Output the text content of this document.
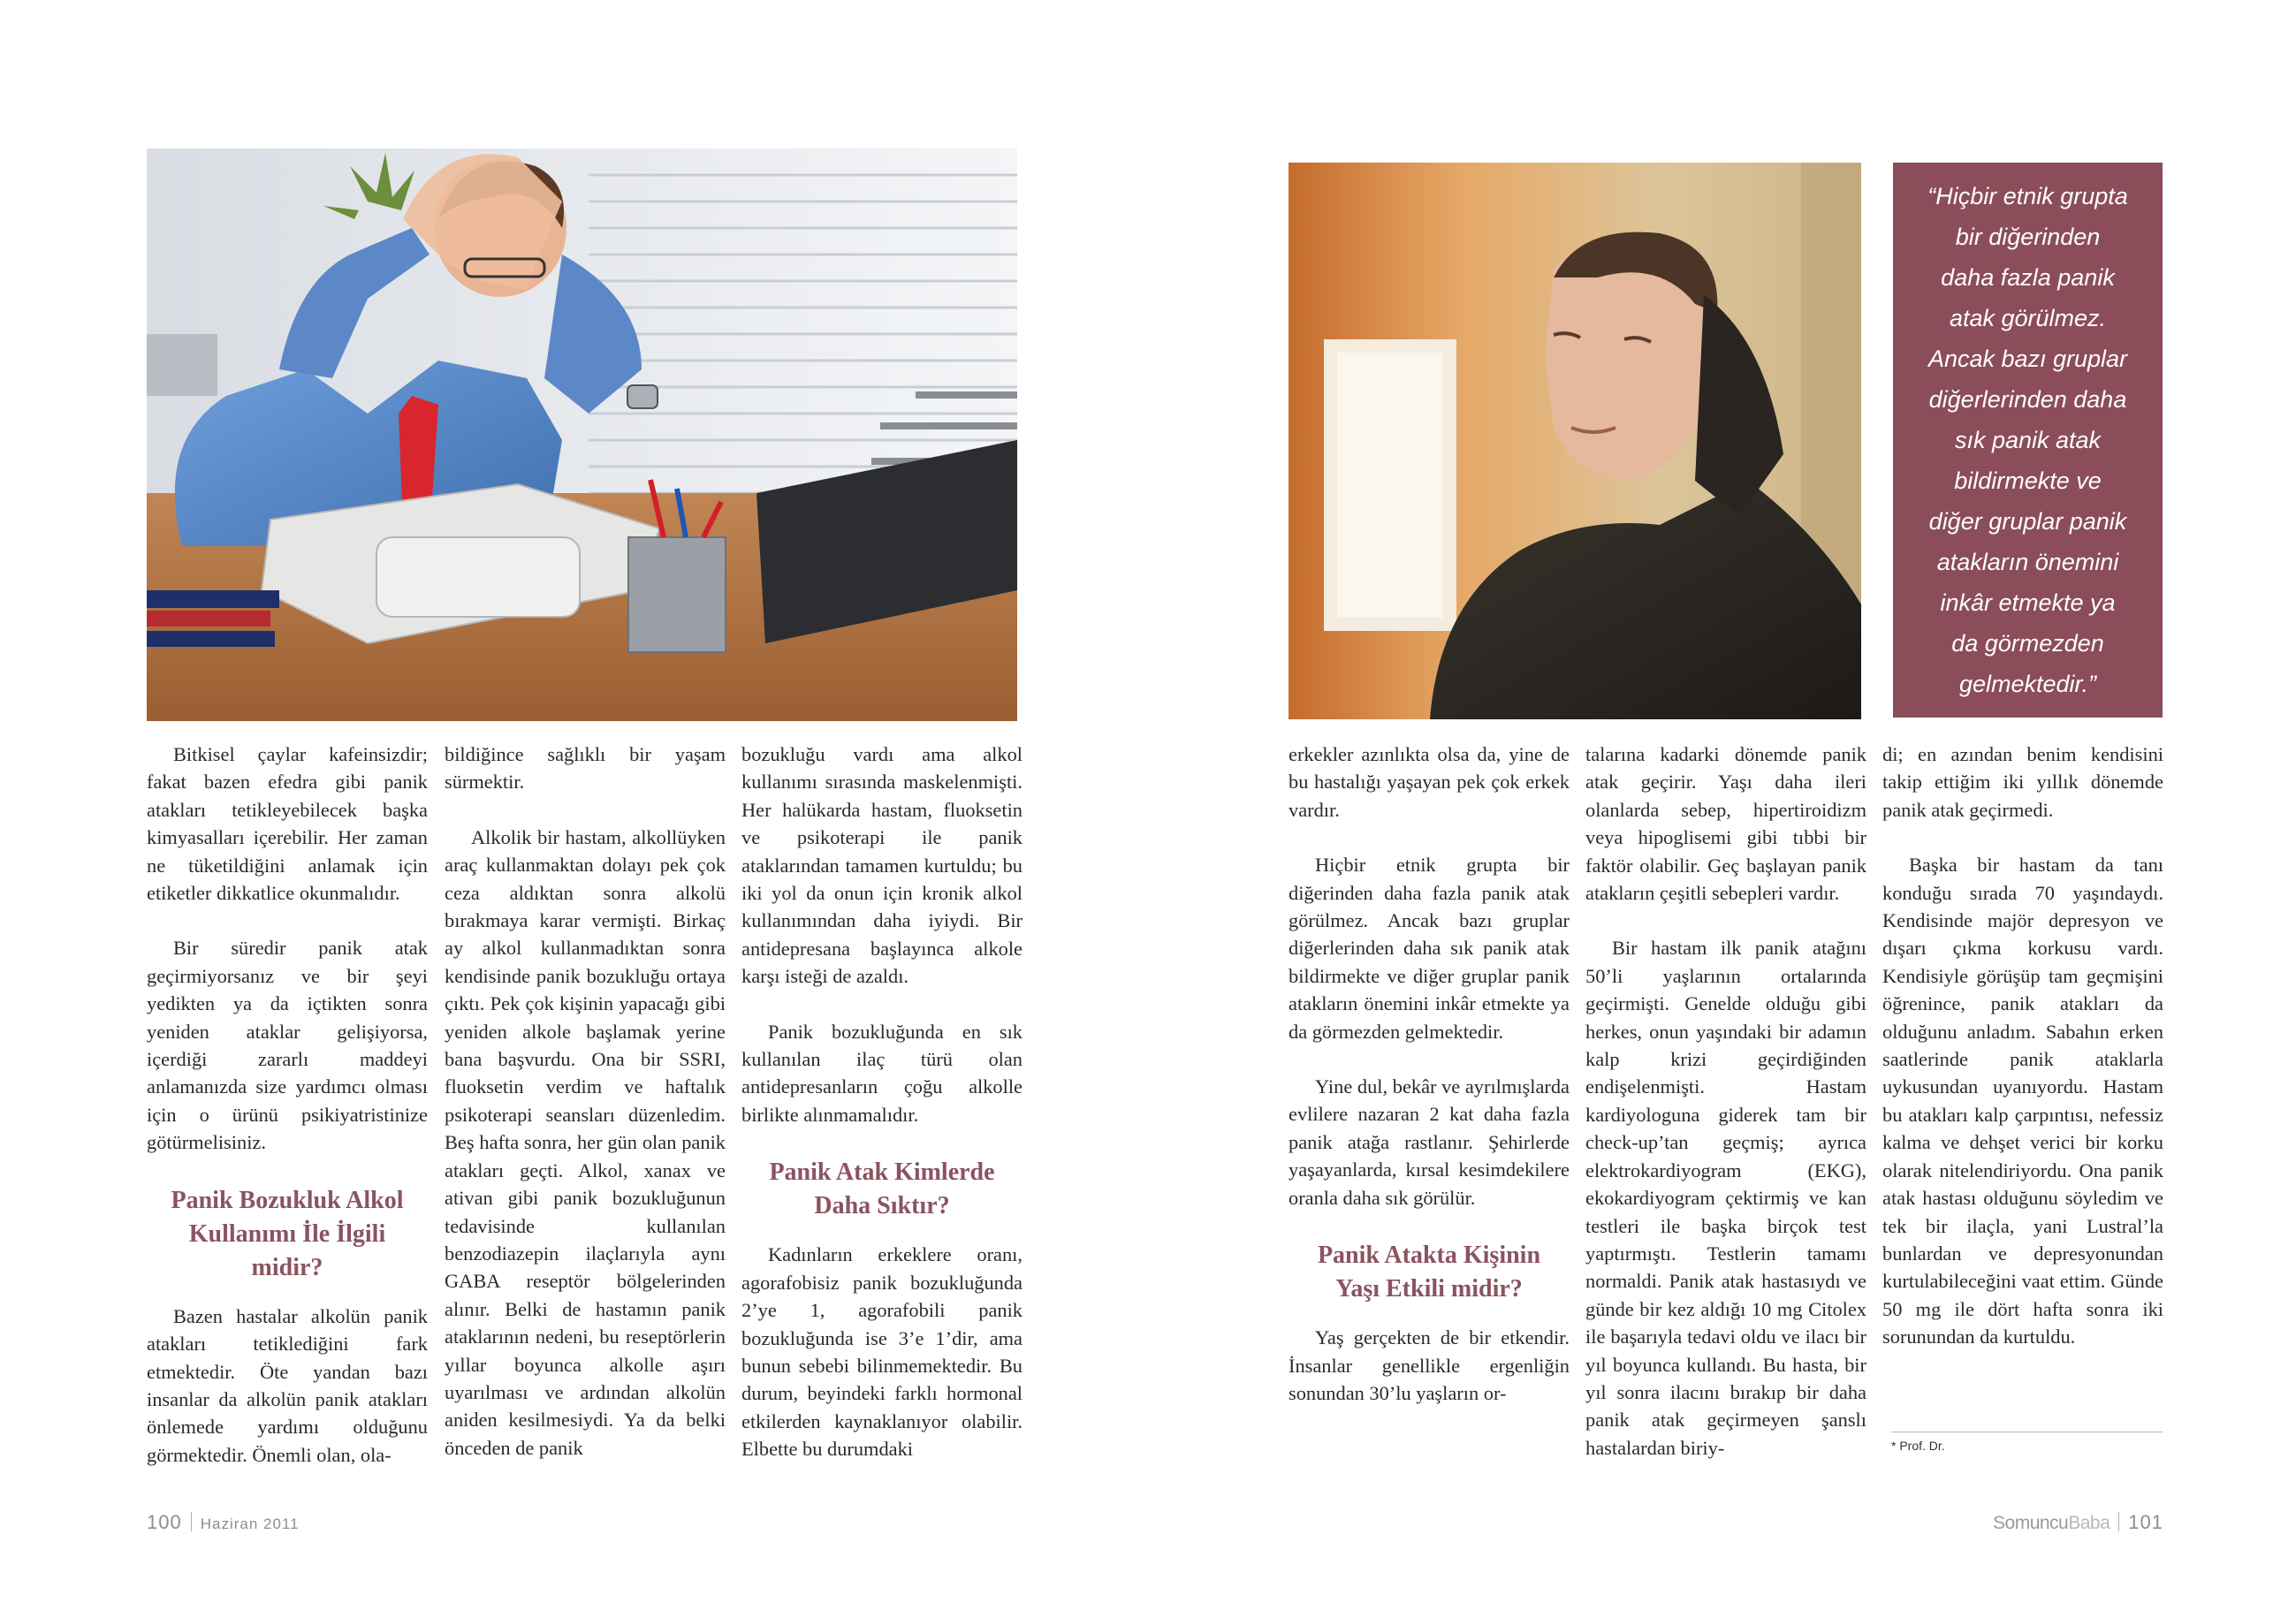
“Hiçbir etnik grupta
bir diğerinden
daha fazla panik
atak görülmez.
Ancak bazı gruplar
diğerlerinden daha
sık panik atak
bildirmekte ve
diğer gruplar panik
atakların önemini
inkâr etmekte ya
da görmezden
gelmektedir.”

Bitkisel çaylar kafeinsizdir; fakat bazen efedra gibi panik atakları tetikleyebilecek başka kimyasalları içerebilir. Her zaman ne tüketildiğini anlamak için etiketler dikkatlice okunmalıdır.

Bir süredir panik atak geçirmiyorsanız ve bir şeyi yedikten ya da içtikten sonra yeniden ataklar gelişiyorsa, içerdiği zararlı maddeyi anlamanızda size yardımcı olması için o ürünü psikiyatristinize götürmelisiniz.

Panik Bozukluk Alkol Kullanımı İle İlgili midir?

Bazen hastalar alkolün panik atakları tetiklediğini fark etmektedir. Öte yandan bazı insanlar da alkolün panik atakları önlemede yardımı olduğunu görmektedir. Önemli olan, ola-

bildiğince sağlıklı bir yaşam sürmektir.

Alkolik bir hastam, alkollüyken araç kullanmaktan dolayı pek çok ceza aldıktan sonra alkolü bırakmaya karar vermişti. Birkaç ay alkol kullanmadıktan sonra kendisinde panik bozukluğu ortaya çıktı. Pek çok kişinin yapacağı gibi yeniden alkole başlamak yerine bana başvurdu. Ona bir SSRI, fluoksetin verdim ve haftalık psikoterapi seansları düzenledim. Beş hafta sonra, her gün olan panik atakları geçti. Alkol, xanax ve ativan gibi panik bozukluğunun tedavisinde kullanılan benzodiazepin ilaçlarıyla aynı GABA reseptör bölgelerinden alınır. Belki de hastamın panik ataklarının nedeni, bu reseptörlerin yıllar boyunca alkolle aşırı uyarılması ve ardından alkolün aniden kesilmesiydi. Ya da belki önceden de panik

bozukluğu vardı ama alkol kullanımı sırasında maskelenmişti. Her halükarda hastam, fluoksetin ve psikoterapi ile panik ataklarından tamamen kurtuldu; bu iki yol da onun için kronik alkol kullanımından daha iyiydi. Bir antidepresana başlayınca alkole karşı isteği de azaldı.

Panik bozukluğunda en sık kullanılan ilaç türü olan antidepresanların çoğu alkolle birlikte alınmamalıdır.

Panik Atak Kimlerde Daha Sıktır?

Kadınların erkeklere oranı, agorafobisiz panik bozukluğunda 2’ye 1, agorafobili panik bozukluğunda ise 3’e 1’dir, ama bunun sebebi bilinmemektedir. Bu durum, beyindeki farklı hormonal etkilerden kaynaklanıyor olabilir. Elbette bu durumdaki

erkekler azınlıkta olsa da, yine de bu hastalığı yaşayan pek çok erkek vardır.

Hiçbir etnik grupta bir diğerinden daha fazla panik atak görülmez. Ancak bazı gruplar diğerlerinden daha sık panik atak bildirmekte ve diğer gruplar panik atakların önemini inkâr etmekte ya da görmezden gelmektedir.

Yine dul, bekâr ve ayrılmışlarda evlilere nazaran 2 kat daha fazla panik atağa rastlanır. Şehirlerde yaşayanlarda, kırsal kesimdekilere oranla daha sık görülür.

Panik Atakta Kişinin Yaşı Etkili midir?

Yaş gerçekten de bir etkendir. İnsanlar genellikle ergenliğin sonundan 30’lu yaşların or-

talarına kadarki dönemde panik atak geçirir. Yaşı daha ileri olanlarda sebep, hipertiroidizm veya hipoglisemi gibi tıbbi bir faktör olabilir. Geç başlayan panik atakların çeşitli sebepleri vardır.

Bir hastam ilk panik atağını 50’li yaşlarının ortalarında geçirmişti. Genelde olduğu gibi herkes, onun yaşındaki bir adamın kalp krizi geçirdiğinden endişelenmişti. Hastam kardiyologuna giderek tam bir check-up’tan geçmiş; ayrıca elektrokardiyogram (EKG), ekokardiyogram çektirmiş ve kan testleri ile başka birçok test yaptırmıştı. Testlerin tamamı normaldi. Panik atak hastasıydı ve günde bir kez aldığı 10 mg Citolex ile başarıyla tedavi oldu ve ilacı bir yıl boyunca kullandı. Bu hasta, bir yıl sonra ilacını bırakıp bir daha panik atak geçirmeyen şanslı hastalardan biriy-

di; en azından benim kendisini takip ettiğim iki yıllık dönemde panik atak geçirmedi.

Başka bir hastam da tanı konduğu sırada 70 yaşındaydı. Kendisinde majör depresyon ve dışarı çıkma korkusu vardı. Kendisiyle görüşüp tam geçmişini öğrenince, panik atakları da olduğunu anladım. Sabahın erken saatlerinde panik ataklarla uykusundan uyanıyordu. Hastam bu atakları kalp çarpıntısı, nefessiz kalma ve dehşet verici bir korku olarak nitelendiriyordu. Ona panik atak hastası olduğunu söyledim ve tek bir ilaçla, yani Lustral’la bunlardan ve depresyonundan kurtulabileceğini vaat ettim. Günde 50 mg ile dört hafta sonra iki sorunundan da kurtuldu.

* Prof. Dr.
100 Haziran 2011	SomuncuBaba 101
